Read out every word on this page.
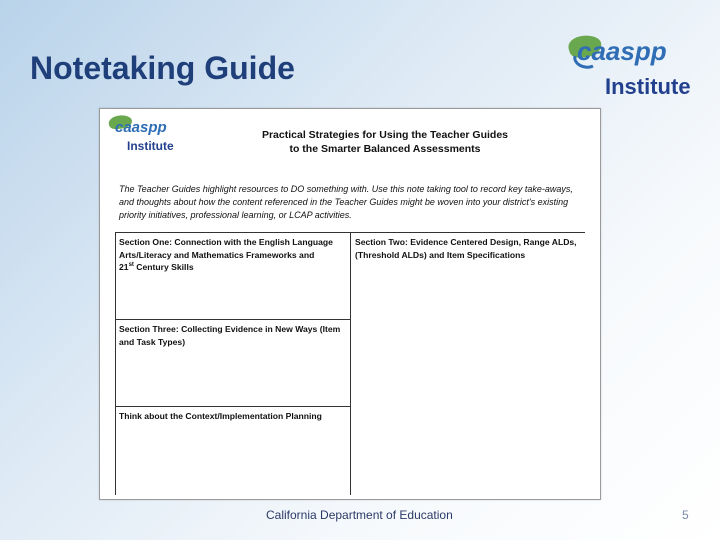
Notetaking Guide	caaspp
Institute
caaspp
Institute
Practical Strategies for Using the Teacher Guides
to the Smarter Balanced Assessments
The Teacher Guides highlight resources to DO something with. Use this note taking tool to record key take-aways, and thoughts about how the content referenced in the Teacher Guides might be woven into your district's existing priority initiatives, professional learning, or LCAP activities.
Section One: Connection with the English Language
Arts/Literacy and Mathematics Frameworks and
21st Century Skills
Section Two: Evidence Centered Design, Range ALDs,
(Threshold ALDs) and Item Specifications
Section Three: Collecting Evidence in New Ways (Item
and Task Types)
Think about the Context/Implementation Planning
California Department of Education	5
